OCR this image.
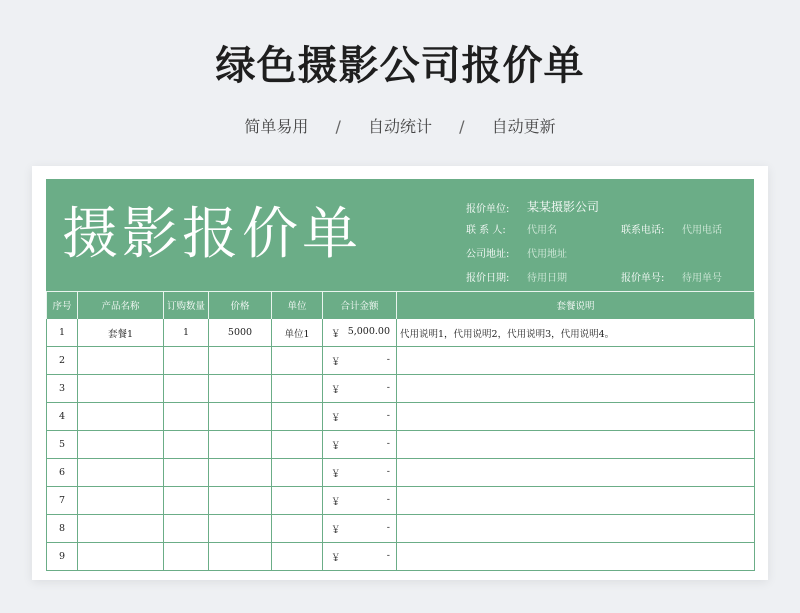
绿色摄影公司报价单
简单易用 / 自动统计 / 自动更新
摄影报价单	报价单位: 某某摄影公司
联 系 人: 代用名	联系电话: 代用电话
公司地址: 代用地址
报价日期: 待用日期	报价单号: 待用单号
序号	产品名称	订购数量	价格	单位	合计金额	套餐说明
1	套餐1	1	5000	单位1	￥ 5,000.00	代用说明1，代用说明2，代用说明3，代用说明4。
2					￥ -	

3					￥ -	

4					￥ -	

5					￥ -	

6					￥ -	

7					￥ -	

8					￥ -	

9					￥ -	
